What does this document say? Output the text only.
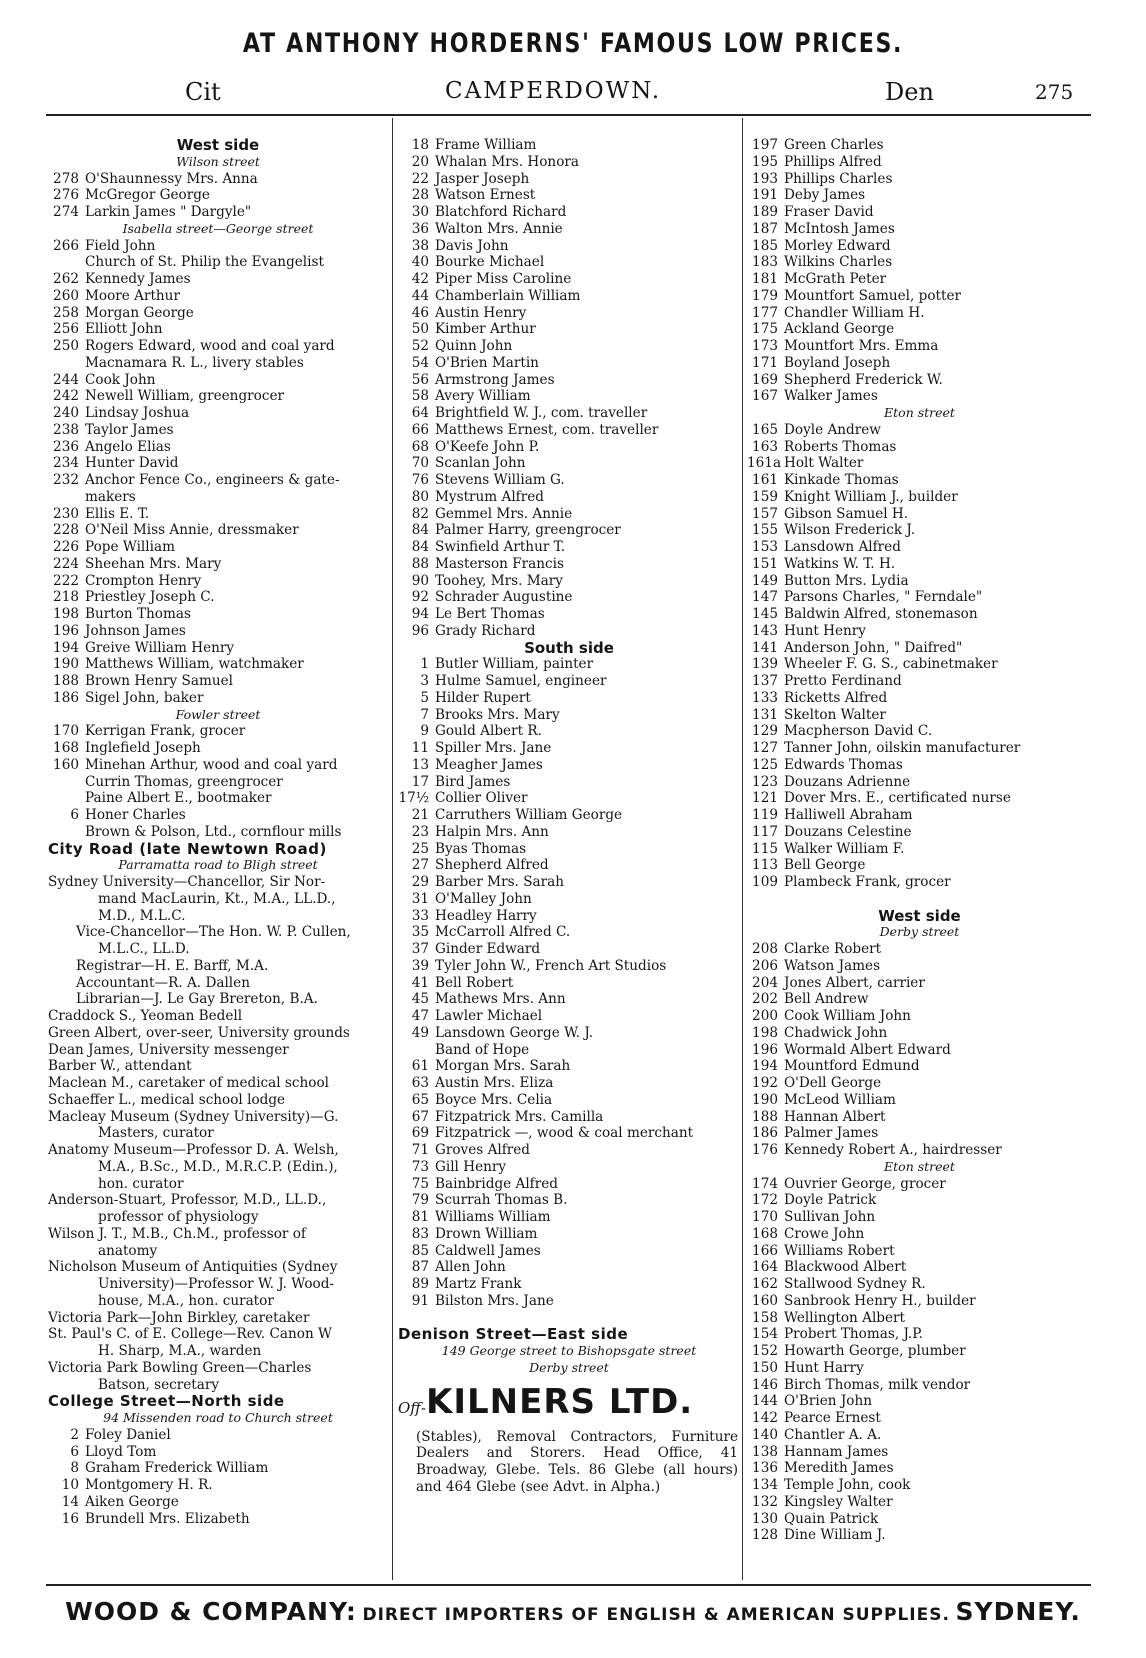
AT ANTHONY HORDERNS' FAMOUS LOW PRICES.
Cit	CAMPERDOWN.	Den	275
West side
Wilson street
278 O'Shaunnessy Mrs. Anna
276 McGregor George
274 Larkin James " Dargyle"
Isabella street—George street
266 Field John
Church of St. Philip the Evangelist
262 Kennedy James
260 Moore Arthur
258 Morgan George
256 Elliott John
250 Rogers Edward, wood and coal yard
Macnamara R. L., livery stables
244 Cook John
242 Newell William, greengrocer
240 Lindsay Joshua
238 Taylor James
236 Angelo Elias
234 Hunter David
232 Anchor Fence Co., engineers & gate-
makers
230 Ellis E. T.
228 O'Neil Miss Annie, dressmaker
226 Pope William
224 Sheehan Mrs. Mary
222 Crompton Henry
218 Priestley Joseph C.
198 Burton Thomas
196 Johnson James
194 Greive William Henry
190 Matthews William, watchmaker
188 Brown Henry Samuel
186 Sigel John, baker
Fowler street
170 Kerrigan Frank, grocer
168 Inglefield Joseph
160 Minehan Arthur, wood and coal yard
Currin Thomas, greengrocer
Paine Albert E., bootmaker
6 Honer Charles
Brown & Polson, Ltd., cornflour mills
City Road (late Newtown Road)
Parramatta road to Bligh street
Sydney University—Chancellor, Sir Nor-
mand MacLaurin, Kt., M.A., LL.D.,
M.D., M.L.C.
Vice-Chancellor—The Hon. W. P. Cullen,
M.L.C., LL.D.
Registrar—H. E. Barff, M.A.
Accountant—R. A. Dallen
Librarian—J. Le Gay Brereton, B.A.
Craddock S., Yeoman Bedell
Green Albert, over-seer, University grounds
Dean James, University messenger
Barber W., attendant
Maclean M., caretaker of medical school
Schaeffer L., medical school lodge
Macleay Museum (Sydney University)—G.
Masters, curator
Anatomy Museum—Professor D. A. Welsh,
M.A., B.Sc., M.D., M.R.C.P. (Edin.),
hon. curator
Anderson-Stuart, Professor, M.D., LL.D.,
professor of physiology
Wilson J. T., M.B., Ch.M., professor of
anatomy
Nicholson Museum of Antiquities (Sydney
University)—Professor W. J. Wood-
house, M.A., hon. curator
Victoria Park—John Birkley, caretaker
St. Paul's C. of E. College—Rev. Canon W
H. Sharp, M.A., warden
Victoria Park Bowling Green—Charles
Batson, secretary
College Street—North side
94 Missenden road to Church street
2 Foley Daniel
6 Lloyd Tom
8 Graham Frederick William
10 Montgomery H. R.
14 Aiken George
16 Brundell Mrs. Elizabeth
18 Frame William
20 Whalan Mrs. Honora
22 Jasper Joseph
28 Watson Ernest
30 Blatchford Richard
36 Walton Mrs. Annie
38 Davis John
40 Bourke Michael
42 Piper Miss Caroline
44 Chamberlain William
46 Austin Henry
50 Kimber Arthur
52 Quinn John
54 O'Brien Martin
56 Armstrong James
58 Avery William
64 Brightfield W. J., com. traveller
66 Matthews Ernest, com. traveller
68 O'Keefe John P.
70 Scanlan John
76 Stevens William G.
80 Mystrum Alfred
82 Gemmel Mrs. Annie
84 Palmer Harry, greengrocer
84 Swinfield Arthur T.
88 Masterson Francis
90 Toohey, Mrs. Mary
92 Schrader Augustine
94 Le Bert Thomas
96 Grady Richard
South side
1 Butler William, painter
3 Hulme Samuel, engineer
5 Hilder Rupert
7 Brooks Mrs. Mary
9 Gould Albert R.
11 Spiller Mrs. Jane
13 Meagher James
17 Bird James
17½ Collier Oliver
21 Carruthers William George
23 Halpin Mrs. Ann
25 Byas Thomas
27 Shepherd Alfred
29 Barber Mrs. Sarah
31 O'Malley John
33 Headley Harry
35 McCarroll Alfred C.
37 Ginder Edward
39 Tyler John W., French Art Studios
41 Bell Robert
45 Mathews Mrs. Ann
47 Lawler Michael
49 Lansdown George W. J.
Band of Hope
61 Morgan Mrs. Sarah
63 Austin Mrs. Eliza
65 Boyce Mrs. Celia
67 Fitzpatrick Mrs. Camilla
69 Fitzpatrick —, wood & coal merchant
71 Groves Alfred
73 Gill Henry
75 Bainbridge Alfred
79 Scurrah Thomas B.
81 Williams William
83 Drown William
85 Caldwell James
87 Allen John
89 Martz Frank
91 Bilston Mrs. Jane
Denison Street—East side
149 George street to Bishopsgate street
Derby street
Off-KILNERS LTD.
(Stables), Removal Contractors, Furniture Dealers and Storers. Head Office, 41 Broadway, Glebe. Tels. 86 Glebe (all hours) and 464 Glebe (see Advt. in Alpha.)
197 Green Charles
195 Phillips Alfred
193 Phillips Charles
191 Deby James
189 Fraser David
187 McIntosh James
185 Morley Edward
183 Wilkins Charles
181 McGrath Peter
179 Mountfort Samuel, potter
177 Chandler William H.
175 Ackland George
173 Mountfort Mrs. Emma
171 Boyland Joseph
169 Shepherd Frederick W.
167 Walker James
Eton street
165 Doyle Andrew
163 Roberts Thomas
161a Holt Walter
161 Kinkade Thomas
159 Knight William J., builder
157 Gibson Samuel H.
155 Wilson Frederick J.
153 Lansdown Alfred
151 Watkins W. T. H.
149 Button Mrs. Lydia
147 Parsons Charles, " Ferndale"
145 Baldwin Alfred, stonemason
143 Hunt Henry
141 Anderson John, " Daifred"
139 Wheeler F. G. S., cabinetmaker
137 Pretto Ferdinand
133 Ricketts Alfred
131 Skelton Walter
129 Macpherson David C.
127 Tanner John, oilskin manufacturer
125 Edwards Thomas
123 Douzans Adrienne
121 Dover Mrs. E., certificated nurse
119 Halliwell Abraham
117 Douzans Celestine
115 Walker William F.
113 Bell George
109 Plambeck Frank, grocer
West side
Derby street
208 Clarke Robert
206 Watson James
204 Jones Albert, carrier
202 Bell Andrew
200 Cook William John
198 Chadwick John
196 Wormald Albert Edward
194 Mountford Edmund
192 O'Dell George
190 McLeod William
188 Hannan Albert
186 Palmer James
176 Kennedy Robert A., hairdresser
Eton street
174 Ouvrier George, grocer
172 Doyle Patrick
170 Sullivan John
168 Crowe John
166 Williams Robert
164 Blackwood Albert
162 Stallwood Sydney R.
160 Sanbrook Henry H., builder
158 Wellington Albert
154 Probert Thomas, J.P.
152 Howarth George, plumber
150 Hunt Harry
146 Birch Thomas, milk vendor
144 O'Brien John
142 Pearce Ernest
140 Chantler A. A.
138 Hannam James
136 Meredith James
134 Temple John, cook
132 Kingsley Walter
130 Quain Patrick
128 Dine William J.
WOOD & COMPANY: DIRECT IMPORTERS OF ENGLISH & AMERICAN SUPPLIES. SYDNEY.
